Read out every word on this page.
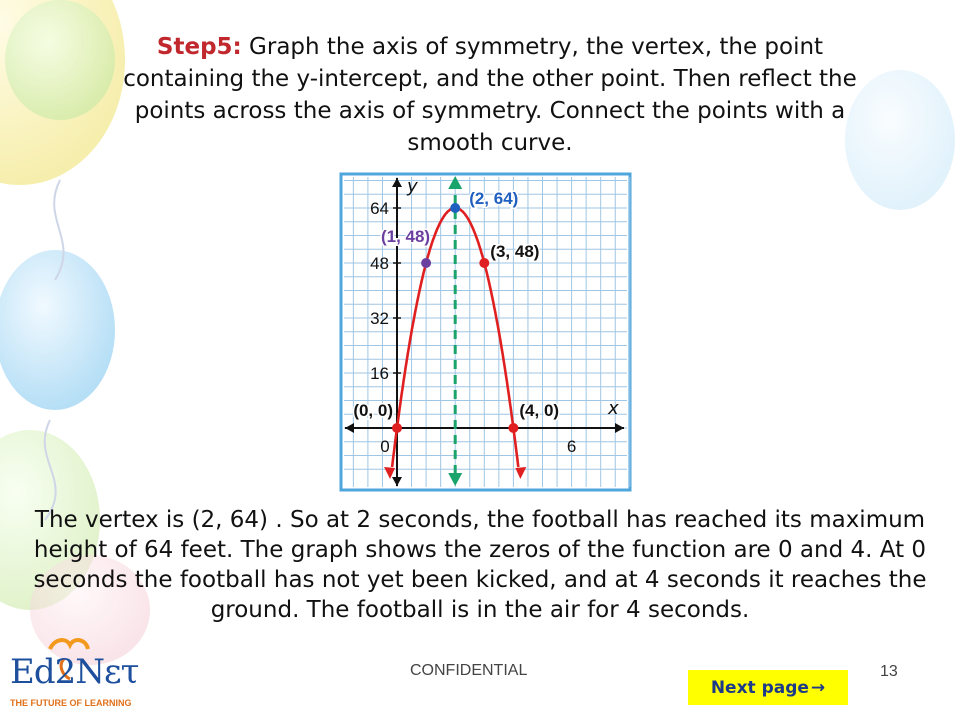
Step5: Graph the axis of symmetry, the vertex, the point containing the y-intercept, and the other point. Then reflect the points across the axis of symmetry. Connect the points with a smooth curve.
x
y
16
32
48
64
0	6
(2, 64)
(1, 48)
(3, 48)
(0, 0)	(4, 0)
The vertex is (2, 64) . So at 2 seconds, the football has reached its maximum height of 64 feet. The graph shows the zeros of the function are 0 and 4. At 0 seconds the football has not yet been kicked, and at 4 seconds it reaches the ground. The football is in the air for 4 seconds.
CONFIDENTIAL	13
Next page →
Ed2Nετ
THE FUTURE OF LEARNING
